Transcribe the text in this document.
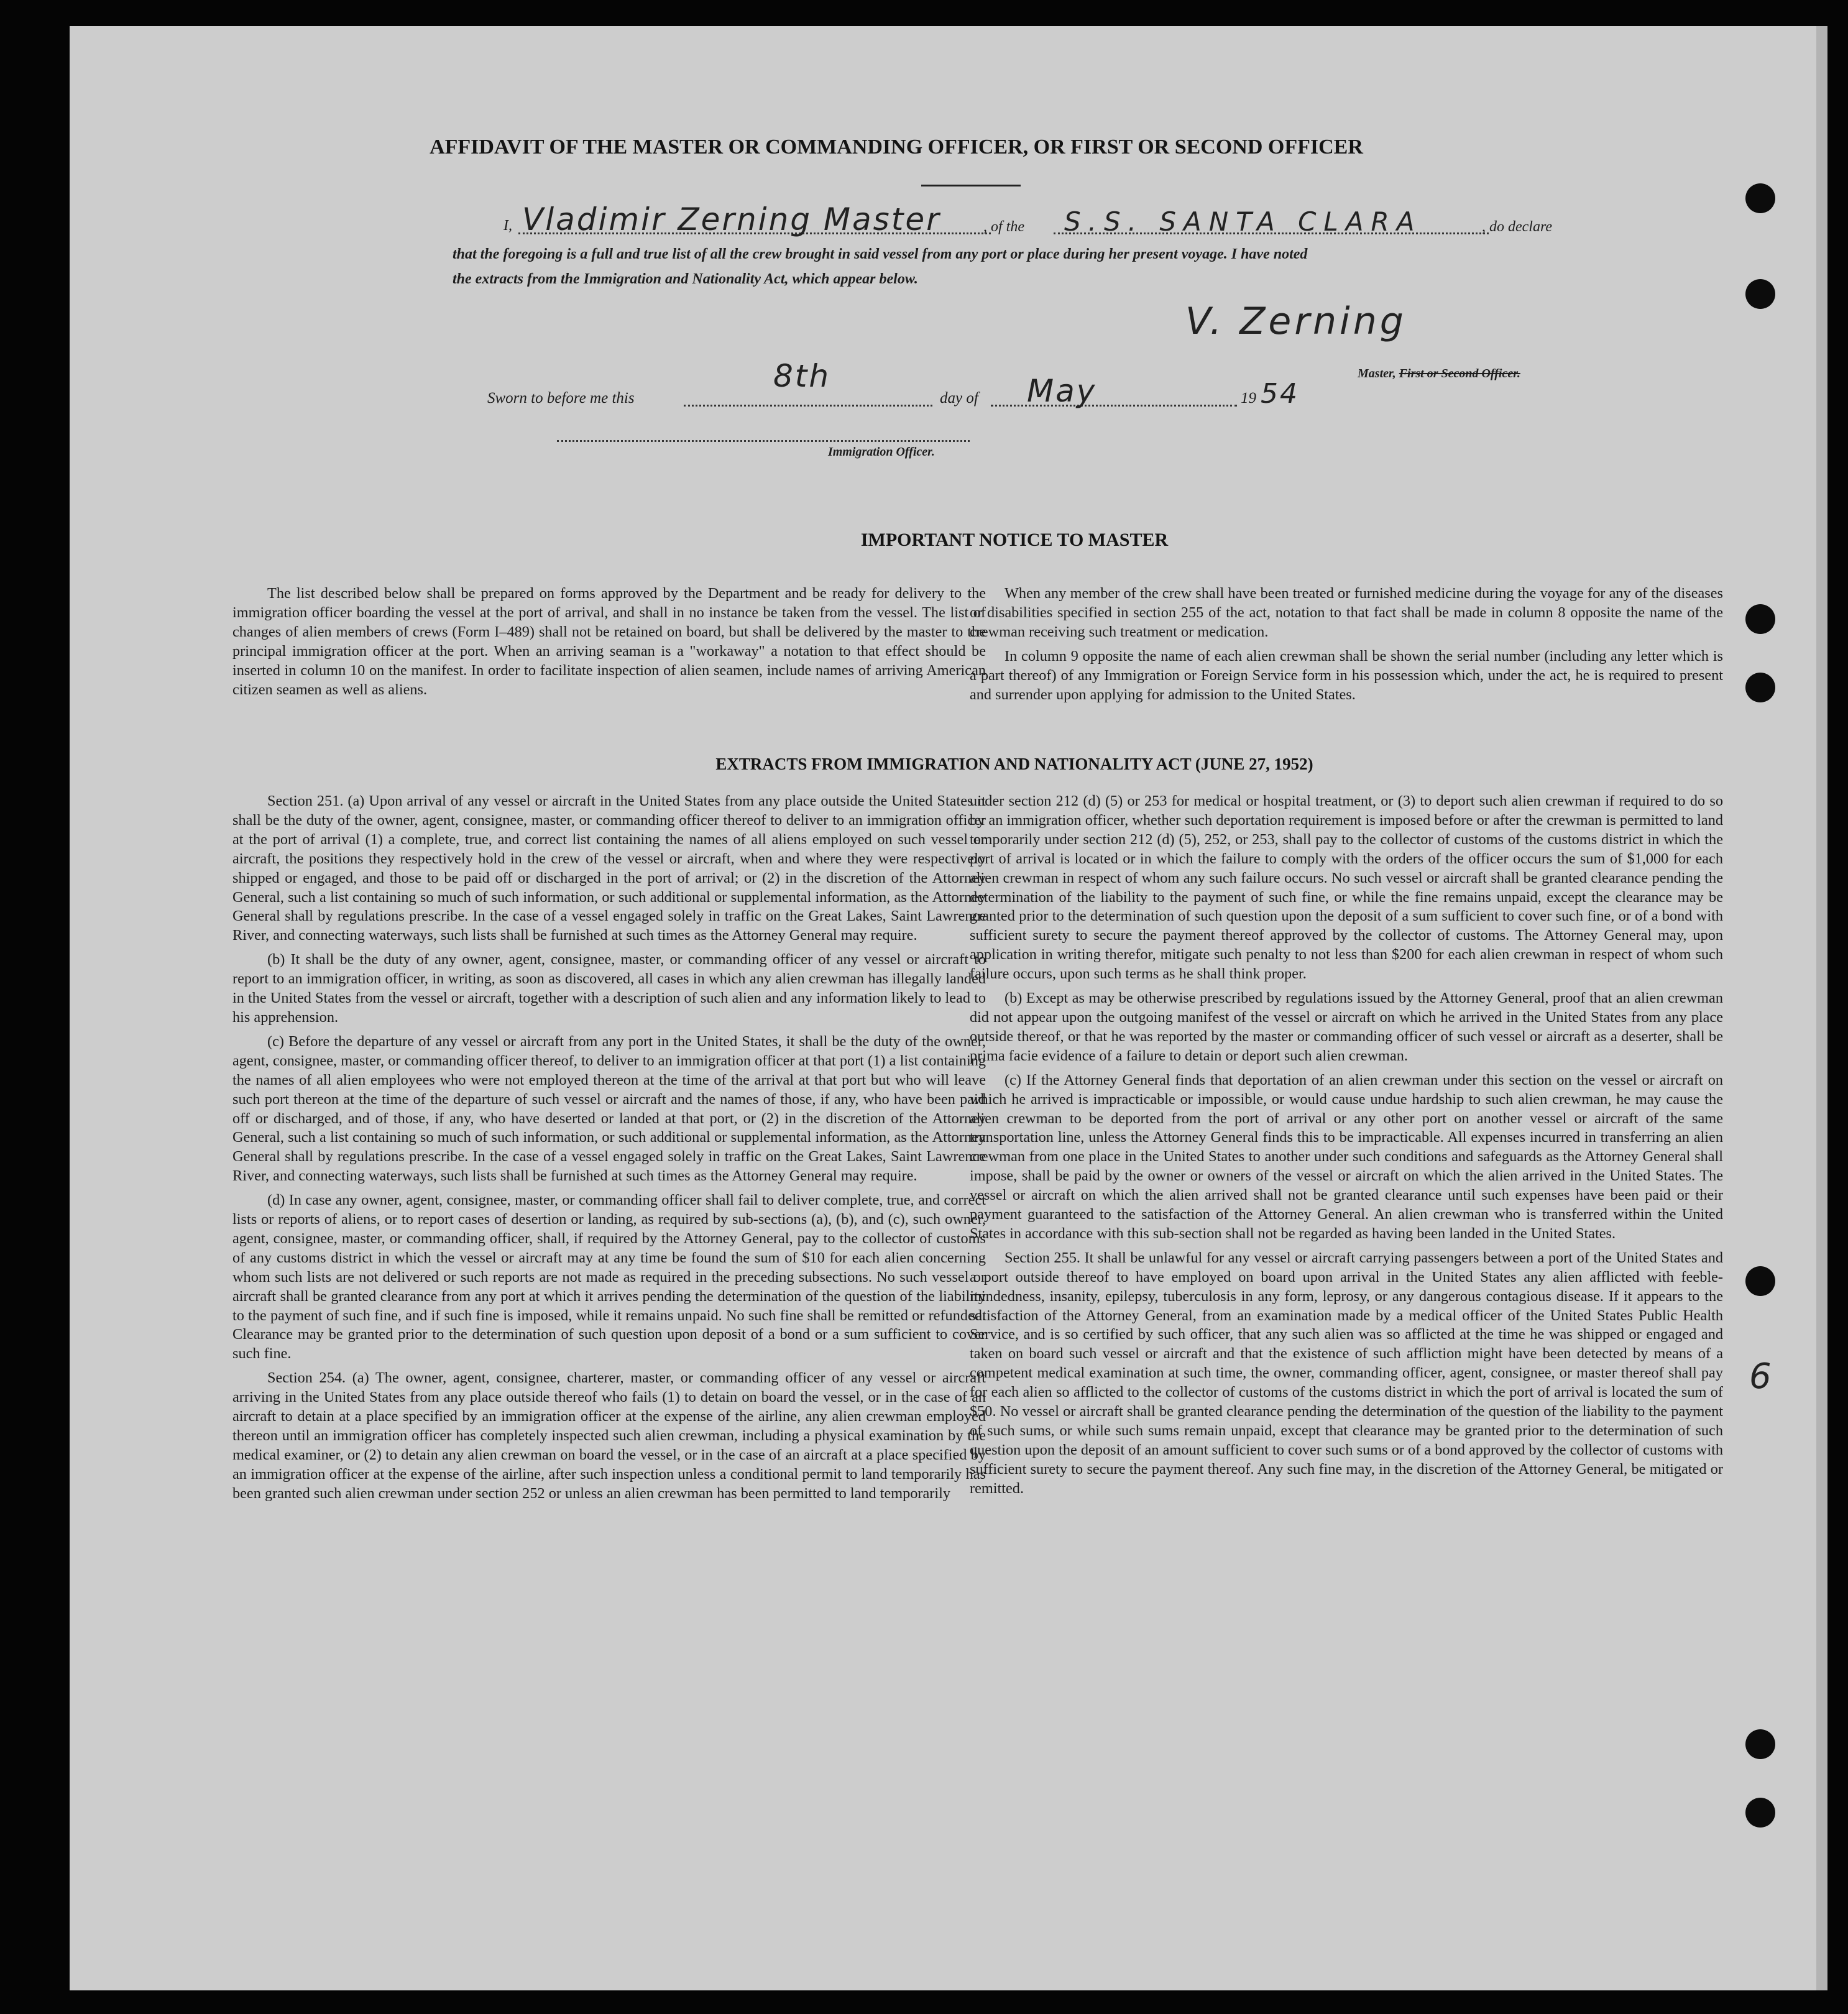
6
AFFIDAVIT OF THE MASTER OR COMMANDING OFFICER, OR FIRST OR SECOND OFFICER
I, Vladimir Zerning Master	, of the S.S. SANTA CLARA	, do declare
that the foregoing is a full and true list of all the crew brought in said vessel from any port or place during her present voyage. I have noted
the extracts from the Immigration and Nationality Act, which appear below.
V. Zerning
Master, First or Second Officer.
Sworn to before me this
8th
day of May	19 54
Immigration Officer.
IMPORTANT NOTICE TO MASTER

The list described below shall be prepared on forms approved by the Department and be ready for delivery to the immigration officer boarding the vessel at the port of arrival, and shall in no instance be taken from the vessel. The list of changes of alien members of crews (Form I–489) shall not be retained on board, but shall be delivered by the master to the principal immigration officer at the port. When an arriving seaman is a "workaway" a notation to that effect should be inserted in column 10 on the manifest. In order to facilitate inspection of alien seamen, include names of arriving American citizen seamen as well as aliens.

When any member of the crew shall have been treated or furnished medicine during the voyage for any of the diseases or disabilities specified in section 255 of the act, notation to that fact shall be made in column 8 opposite the name of the crewman receiving such treatment or medication.

In column 9 opposite the name of each alien crewman shall be shown the serial number (including any letter which is a part thereof) of any Immigration or Foreign Service form in his possession which, under the act, he is required to present and surrender upon applying for admission to the United States.

EXTRACTS FROM IMMIGRATION AND NATIONALITY ACT (JUNE 27, 1952)

Section 251. (a) Upon arrival of any vessel or aircraft in the United States from any place outside the United States it shall be the duty of the owner, agent, consignee, master, or commanding officer thereof to deliver to an immigration officer at the port of arrival (1) a complete, true, and correct list containing the names of all aliens employed on such vessel or aircraft, the positions they respectively hold in the crew of the vessel or aircraft, when and where they were respectively shipped or engaged, and those to be paid off or discharged in the port of arrival; or (2) in the discretion of the Attorney General, such a list containing so much of such information, or such additional or supplemental information, as the Attorney General shall by regulations prescribe. In the case of a vessel engaged solely in traffic on the Great Lakes, Saint Lawrence River, and connecting waterways, such lists shall be furnished at such times as the Attorney General may require.

(b) It shall be the duty of any owner, agent, consignee, master, or commanding officer of any vessel or aircraft to report to an immigration officer, in writing, as soon as discovered, all cases in which any alien crewman has illegally landed in the United States from the vessel or aircraft, together with a description of such alien and any information likely to lead to his apprehension.

(c) Before the departure of any vessel or aircraft from any port in the United States, it shall be the duty of the owner, agent, consignee, master, or commanding officer thereof, to deliver to an immigration officer at that port (1) a list containing the names of all alien employees who were not employed thereon at the time of the arrival at that port but who will leave such port thereon at the time of the departure of such vessel or aircraft and the names of those, if any, who have been paid off or discharged, and of those, if any, who have deserted or landed at that port, or (2) in the discretion of the Attorney General, such a list containing so much of such information, or such additional or supplemental information, as the Attorney General shall by regulations prescribe. In the case of a vessel engaged solely in traffic on the Great Lakes, Saint Lawrence River, and connecting waterways, such lists shall be furnished at such times as the Attorney General may require.

(d) In case any owner, agent, consignee, master, or commanding officer shall fail to deliver complete, true, and correct lists or reports of aliens, or to report cases of desertion or landing, as required by sub-sections (a), (b), and (c), such owner, agent, consignee, master, or commanding officer, shall, if required by the Attorney General, pay to the collector of customs of any customs district in which the vessel or aircraft may at any time be found the sum of $10 for each alien concerning whom such lists are not delivered or such reports are not made as required in the preceding subsections. No such vessel or aircraft shall be granted clearance from any port at which it arrives pending the determination of the question of the liability to the payment of such fine, and if such fine is imposed, while it remains unpaid. No such fine shall be remitted or refunded. Clearance may be granted prior to the determination of such question upon deposit of a bond or a sum sufficient to cover such fine.

Section 254. (a) The owner, agent, consignee, charterer, master, or commanding officer of any vessel or aircraft arriving in the United States from any place outside thereof who fails (1) to detain on board the vessel, or in the case of an aircraft to detain at a place specified by an immigration officer at the expense of the airline, any alien crewman employed thereon until an immigration officer has completely inspected such alien crewman, including a physical examination by the medical examiner, or (2) to detain any alien crewman on board the vessel, or in the case of an aircraft at a place specified by an immigration officer at the expense of the airline, after such inspection unless a conditional permit to land temporarily has been granted such alien crewman under section 252 or unless an alien crewman has been permitted to land temporarily

under section 212 (d) (5) or 253 for medical or hospital treatment, or (3) to deport such alien crewman if required to do so by an immigration officer, whether such deportation requirement is imposed before or after the crewman is permitted to land temporarily under section 212 (d) (5), 252, or 253, shall pay to the collector of customs of the customs district in which the port of arrival is located or in which the failure to comply with the orders of the officer occurs the sum of $1,000 for each alien crewman in respect of whom any such failure occurs. No such vessel or aircraft shall be granted clearance pending the determination of the liability to the payment of such fine, or while the fine remains unpaid, except the clearance may be granted prior to the determination of such question upon the deposit of a sum sufficient to cover such fine, or of a bond with sufficient surety to secure the payment thereof approved by the collector of customs. The Attorney General may, upon application in writing therefor, mitigate such penalty to not less than $200 for each alien crewman in respect of whom such failure occurs, upon such terms as he shall think proper.

(b) Except as may be otherwise prescribed by regulations issued by the Attorney General, proof that an alien crewman did not appear upon the outgoing manifest of the vessel or aircraft on which he arrived in the United States from any place outside thereof, or that he was reported by the master or commanding officer of such vessel or aircraft as a deserter, shall be prima facie evidence of a failure to detain or deport such alien crewman.

(c) If the Attorney General finds that deportation of an alien crewman under this section on the vessel or aircraft on which he arrived is impracticable or impossible, or would cause undue hardship to such alien crewman, he may cause the alien crewman to be deported from the port of arrival or any other port on another vessel or aircraft of the same transportation line, unless the Attorney General finds this to be impracticable. All expenses incurred in transferring an alien crewman from one place in the United States to another under such conditions and safeguards as the Attorney General shall impose, shall be paid by the owner or owners of the vessel or aircraft on which the alien arrived in the United States. The vessel or aircraft on which the alien arrived shall not be granted clearance until such expenses have been paid or their payment guaranteed to the satisfaction of the Attorney General. An alien crewman who is transferred within the United States in accordance with this sub-section shall not be regarded as having been landed in the United States.

Section 255. It shall be unlawful for any vessel or aircraft carrying passengers between a port of the United States and a port outside thereof to have employed on board upon arrival in the United States any alien afflicted with feeble-mindedness, insanity, epilepsy, tuberculosis in any form, leprosy, or any dangerous contagious disease. If it appears to the satisfaction of the Attorney General, from an examination made by a medical officer of the United States Public Health Service, and is so certified by such officer, that any such alien was so afflicted at the time he was shipped or engaged and taken on board such vessel or aircraft and that the existence of such affliction might have been detected by means of a competent medical examination at such time, the owner, commanding officer, agent, consignee, or master thereof shall pay for each alien so afflicted to the collector of customs of the customs district in which the port of arrival is located the sum of $50. No vessel or aircraft shall be granted clearance pending the determination of the question of the liability to the payment of such sums, or while such sums remain unpaid, except that clearance may be granted prior to the determination of such question upon the deposit of an amount sufficient to cover such sums or of a bond approved by the collector of customs with sufficient surety to secure the payment thereof. Any such fine may, in the discretion of the Attorney General, be mitigated or remitted.
